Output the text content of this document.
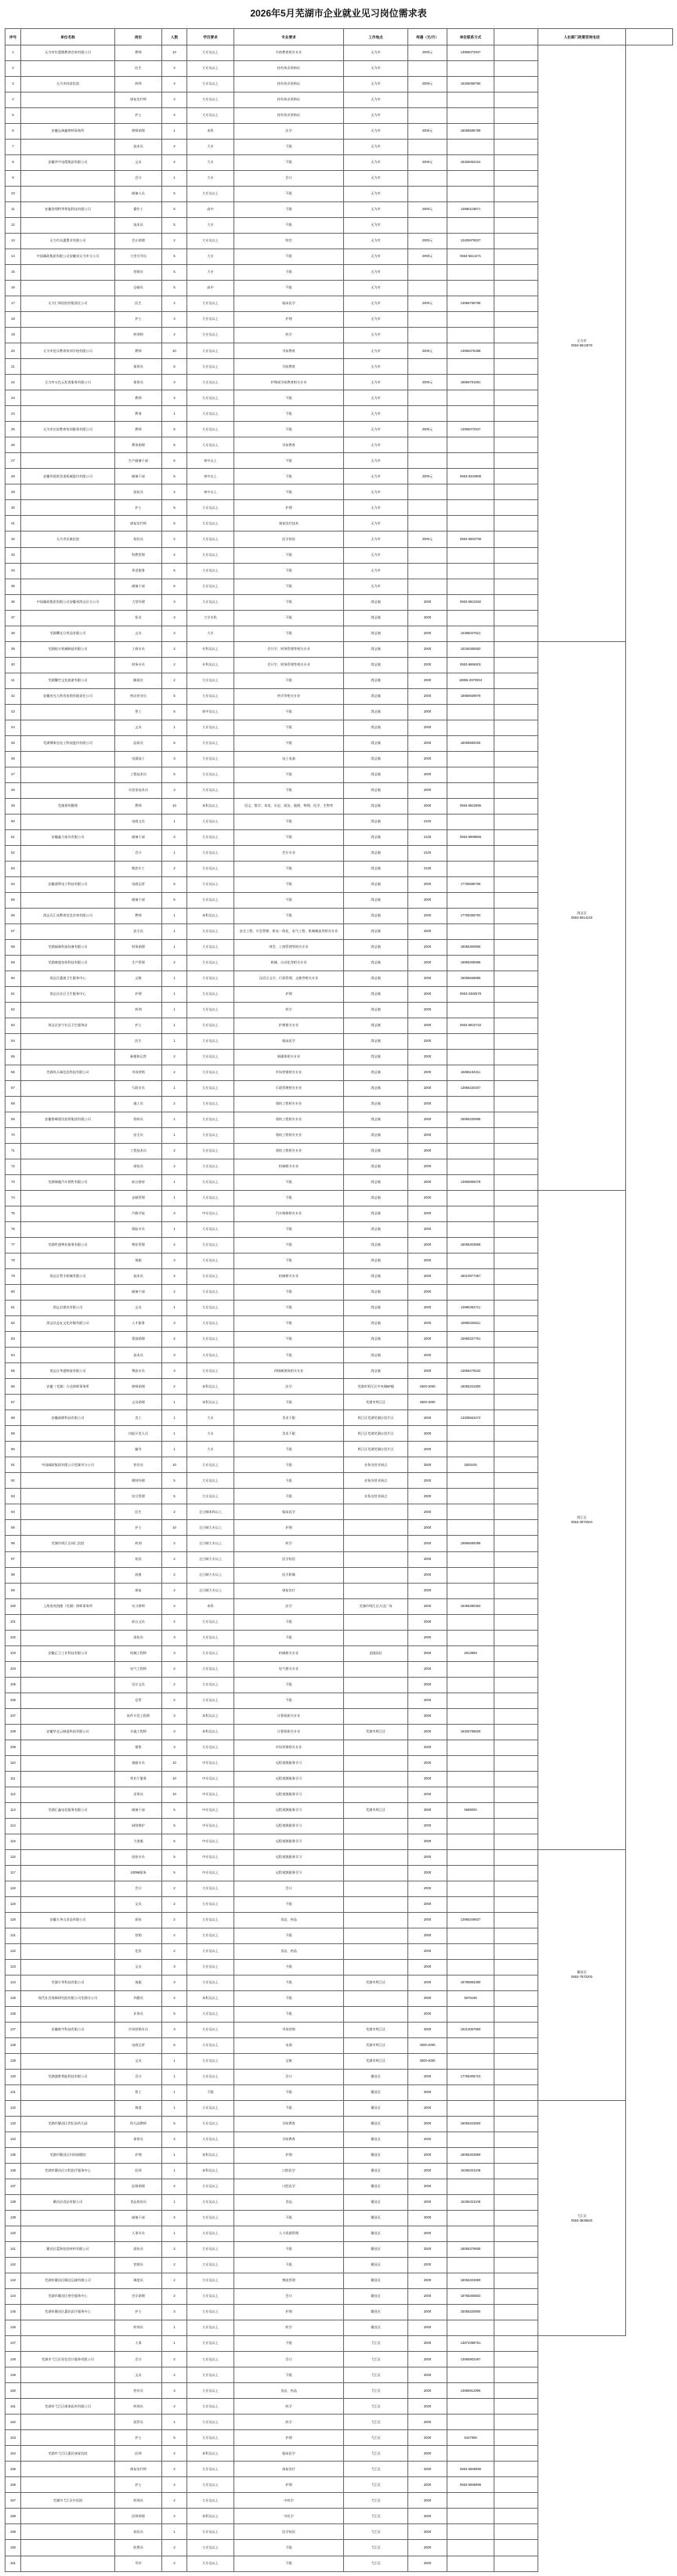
2026年5月芜湖市企业就业见习岗位需求表
序号	单位名称	岗位	人数	学历要求	专业要求	工作地点	待遇（元/月）	单位联系方式		人社部门政策咨询电话	
1	无为市红蕾圆教育咨询有限公司	教师	10	大专及以上	学前教育相关专业	无为市	2000元	13956072947		无为市
0553-6612876	
2		医生	4	大专及以上	持有执业资格证	无为市					
3	无为市同济医院	药师	4	大专及以上	持有执业资格证	无为市	2000元	18256069780			
4		康复治疗师	4	大专及以上	持有执业资格证	无为市					
5		护士	4	大专及以上	持有执业资格证	无为市					
6	安徽弘瑞捷律师事务所	律师助理	1	本科	法学	无为市	2000元	18056595789			
7		技术员	2	大专	不限	无为市					
8	安徽华宇电缆集团有限公司	文员	2	大专	不限	无为市	2000元	18256062224			
9		会计	1	大专	会计	无为市					
10		储备人员	5	大专及以上	不限	无为市					
11	安徽金翔特华智能科技有限公司	操作工	5	高中	不限	无为市	2000元	13965119871			
12		技术员	5	大专	不限	无为市					
13	无为市众惠置业有限公司	会计助理	2	大专及以上	财会	无为市	2000元	13405979637			
14	中国邮政集团有限公司安徽省无为市分公司	大堂引导员	5	大专	不限	无为市	2000元	0553-6614271			
15		营销员	5	大专	不限	无为市					
16		仓储员	5	高中	不限	无为市					
17	无为仁和医院有限责任公司	医生	2	大专及以上	临床医学	无为市	2000元	13956766798			
18		护士	4	大专及以上	护理	无为市					
19		药剂师	2	大专及以上	药学	无为市					
20	无为市优乐教育培训学校有限公司	教师	10	大专及以上	学前教育	无为市	2000元	13965376488			
21		保育员	5	大专及以上	学前教育	无为市					
22	无为市五色元托育服务有限公司	保育员	3	大专及以上	护理或学前教育相关专业	无为市	2000元	18856791591			
23		教师	2	大专及以上	不限	无为市					
24		教务	1	大专及以上	不限	无为市					
25	无为市启星教育培训服务有限公司	教师	5	大专及以上	不限	无为市	2000元	13956072947			
26		教务助理	5	大专及以上	学前教育	无为市					
27		生产储备干部	5	初中以上	不限	无为市					
28	安徽华晨欧美诺机械股份有限公司	储备干部	5	初中以上	不限	无为市	2000元	0553-6334888			
29		质检员	2	初中以上	不限	无为市					
30		护士	5	大专及以上	护理	无为市					
31		康复治疗师	5	大专及以上	康复治疗技术	无为市					
32	无为市民康医院	检验员	2	大专及以上	医学检验	无为市	2000元	0553-6693799			
33		科教管理	2	大专及以上	不限	无为市					
34		养老服务	5	大专及以上	不限	无为市					
35		储备干部	5	大专及以上	不限	无为市					
36	中国邮政集团有限公司安徽省湾沚区分公司	大堂经理	3	大专及以上	不限	湾沚镇	2000	0553-6822282			
37		柜员	3	大学专科	不限	湾沚镇	2000				
38	芜湖曙光日用品有限公司	文员	3	大专	不限	湾沚镇	2000	15395037621			
39	芜湖桂丰机械制造有限公司	工商专员	2	专科及以上	会计学、财务管理等相关专业	湾沚镇	2000	18155356583		湾沚区
0553-6914219	
40		财务专员	2	专科及以上	会计学、财务管理等相关专业	湾沚镇	2000	0553-6695301			
41	芜湖馨空文化旅游有限公司	解说员	2	大专及以上	不限	湾沚镇	2000	18855-2970904			
42	安徽省光大药房连锁有限责任公司	药店营业员	5	大专及以上	药学等相关专业	湾沚镇	2000	18968939979			
43		普工	5	初中及以上	不限	湾沚镇	2000				
44		文员	1	大专及以上	不限	湾沚镇	2000				
45	芜湖博泰克电子科技股份有限公司	品质员	5	大专及以上	不限	湾沚镇	2000	18056560026			
46		电器技工	3	大专及以上	电子电器	湾沚镇	2000				
47		工程技术员	5	大专及以上	不限	湾沚镇	2000				
48		实验室技术员	3	大专及以上	不限	湾沚镇	2000				
49	芜湖景明微课	教师	10	本科及以上	语文、数学、英语、历史、政治、地理、物理、化学、生物等	湾沚镇	2000	0553-6822895			
50		电商文员	1	大专及以上	不限	湾沚镇	2100				
51	安徽鑫力家具有限公司	储备干部	3	大专及以上	不限	湾沚镇	2100	0553-6899666			
52		会计	1	大专及以上	会计专业	湾沚镇	2100				
53		数控车工	2	大专及以上	不限	湾沚镇	2100				
54	安徽通利电子科技有限公司	电商运营	5	大专及以上	不限	湾沚镇	2000	17755596766			
55		储备干部	5	大专及以上	不限	湾沚镇	2000				
56	湾沚区汇成教育信息咨询有限公司	教师	1	本科及以上	不限	湾沚镇	2000	17755356793			
57		安全员	1	大专及以上	安全工程、应急管理、机电一体化、电气工程、机械制造等相关专业	湾沚镇	2000				
58	芜湖福瑞科技装备有限公司	财务助理	1	大专及以上	财会、工商管理等相关专业	湾沚镇	2000	18055300906			
59	芜湖康盛包装科技有限公司	生产管理	2	大专及以上	机械、自动化等相关专业	湾沚镇	2000	19955305996			
60	湾沚区惠康卫生服务中心	文秘	1	大专及以上	汉语言文学、行政管理、文秘等相关专业	湾沚镇	2000	18056565886			
61	湾沚区社区卫生服务中心	护理	1	大专及以上	护理	湾沚镇	2000	0553-2392578			
62		药剂	1	大专及以上	药学	湾沚镇	2000				
63	湾沚区安宁社区卫生服务站	护士	1	大专及以上	护理相关专业	湾沚镇	2000	0553-6822734			
64		医生	1	大专及以上	临床医学	湾沚镇	2000				
65		新媒体运营	2	大专及以上	新媒体相关专业	湾沚镇	2000				
66	芜湖凤天诚信息科技有限公司	市场营销	2	大专及以上	市场营销相关专业	湾沚镇	2000	15855153311			
67		行政专员	1	大专及以上	行政管理相关专业	湾沚镇	2000	13956220207			
68		施工员	2	大专及以上	建筑工程相关专业	湾沚镇	2000				
69	安徽鲁峰建设投资集团有限公司	资料员	1	大专及以上	建筑工程相关专业	湾沚镇	2000	18955330986			
70		安全员	1	大专及以上	建筑工程相关专业	湾沚镇	2000				
71		工程技术员	2	大专及以上	建筑工程相关专业	湾沚镇	2000				
72		质检员	2	大专及以上	机械相关专业	湾沚镇	2000				
73	芜湖瑞驰汽车销售有限公司	前台接待	1	大专及以上	不限	湾沚镇	2000	13956969278			
74		仓储管理	1	大专及以上	不限	湾沚镇	2000			鸠江区
0553-2870304	
75		汽修学徒	3	中专及以上	汽车维修相关专业	湾沚镇	2000				
76		保险专员	1	大专及以上	不限	湾沚镇	2000				
77	芜湖世通物业服务有限公司	物业管理	2	大专及以上	不限	湾沚镇	2000	18055303868			
78		客服	3	大专及以上	不限	湾沚镇	2000				
79	湾沚区利丰机械有限公司	技术员	2	大专及以上	机械相关专业	湾沚镇	2000	18010977357			
80		储备干部	2	大专及以上	不限	湾沚镇	2000				
81	湾沚县建设有限公司	文员	1	大专及以上	不限	湾沚镇	2000	13966352711			
82	湾沚县益友文化传媒有限公司	人才服务	3	大专及以上	不限	湾沚镇	2000	19955325511			
83		策划助理	2	大专及以上	不限	湾沚镇	2000	15955337761			
84		技术员	3	大专及以上	不限	湾沚镇	2000				
85	湾沚区华盛物流有限公司	物流专员	3	大专及以上	四线制建筑相关专业	湾沚镇	2000	13956276532			
86	安徽（芜湖）方达律师事务所	律师助理	2	本科及以上	法学	芜湖市鸠江区中央城5#楼	2500-3000	18055331800			
87		文员助理	1	本科及以上	不限	芜湖市鸠江区	2500-3000				
88	安徽威鼎科技有限公司	美工	1	大专	美术不限	鸠江区芜湖芜湖自贸片区	2000	13305563272			
89		功能开发人员	1	大专	美术不限	鸠江区芜湖芜湖自贸片区	2000				
90		编导	1	大专	不限	鸠江区芜湖芜湖自贸片区	2000				
91	中国邮政集团有限公司芜湖市分公司	营业员	10	大专及以上	不限	业务各营业网点	2000	2825105			
92		理财经理	5	大专及以上	不限	业务各营业网点	2000				
93		综合管理	5	大专及以上	不限	业务各营业网点	2000				
94		医生	2	全日制本科以上	临床医学		2000				
95		护士	10	全日制大专以上	护理		2000				
96	芜湖市鸠江区同仁医院	药剂	2	全日制大专以上	药学		2000	19966590098			
97		检验	2	全日制大专以上	医学检验		2000				
98		放射	2	全日制大专以上	医学影像		2000				
99		康复	2	全日制大专以上	康复治疗		2000				
100	上海金茂凯德（芜湖）律师事务所	实习律师	2	本科	法学	芜湖市鸠江区万达广场	2500	18355380364			
101		前台文员	2	大专及以上	不限		2000				
102		质检员	3	大专及以上	不限		2000				
103	安徽正卫工业科技有限公司	机械工程师	3	大专及以上	机械相关专业	直隆园区	2000	2813969			
104		电气工程师	2	大专及以上	电气相关专业		2000				
105		设计文员	2	大专及以上	不限		2000				
106		仓管	2	大专及以上	不限		2000				
107		软件开发工程师	3	本科及以上	计算机相关专业		2000				
108	安徽华北云制造科技有限公司	实施工程师	3	本科及以上	计算机相关专业	芜湖市鸠江区	2000	18326786629			
109		销售	3	大专及以上	市场营销相关专业		2000				
110		客服专员	10	中专及以上	远程视频服务学习		2000				
111		营业厅服务	10	中专及以上	远程视频服务学习		2000				
112		话务员	10	中专及以上	远程视频服务学习		2000				
113	芜湖汇鑫电信服务有限公司	储备干部	5	中专及以上	远程视频服务学习	芜湖市鸠江区	2000	5989000			
114		网络维护	5	中专及以上	远程视频服务学习		2000				
115		大客服	5	中专及以上	远程视频服务学习		2000				
116		质检专员	5	中专及以上	远程视频服务学习		2000			繁昌区
0553-7870200	
117		10086服务	5	中专及以上	远程视频服务学习		2000				
118		会计	2	大专及以上	会计		2000				
119		文员	2	大专及以上	不限		2000				
120	安徽九华山食品有限公司	质检	2	大专及以上	食品、药品		2000	13965349637			
121		营销	2	大专及以上	不限		2000				
122		化验	2	大专及以上	食品、药品		2000				
123		文员	3	大专及以上	不限		2000				
124	芜湖方华科技有限公司	客服	3	大专及以上	不限	芜湖市鸠江区	2000	18788963380			
125	现代社会保障研究院有限公司芜湖分公司	外勤员	2	本科及以上	不限		2000	5876186			
126		业务员	5	大专及以上	不限		2000				
127	安徽新宇科技有限公司	市场营销专员	3	大专及以上	市场营销	芜湖市鸠江区	3000	19213067850			
128		电商运营	5	大专及以上	电商	芜湖市鸠江区	3000-4000				
129		文员	1	大专及以上	文秘	芜湖市鸠江区	3000-4000				
130	芜湖盛胜智能科技有限公司	会计	1	大专及以上	会计	繁昌区	2000	17755305710			
131		普工	1	不限	不限	繁昌区	2000				
132		调度	1	大专及以上	不限	繁昌区	2000			弋江区
0553-3839840	
133	芜湖市繁昌区世纪星幼儿园	幼儿园教师	5	大专及以上	学前教育	繁昌区	2000	18055323560			
134		保育员	4	大专及以上	学前教育	繁昌区	2000				
135	芜湖市繁昌区妇幼保健院	护理	1	本科及以上	护理	繁昌区	2000	18055303890			
136	芜湖市繁昌区口腔医疗服务中心	医师	1	本科及以上	口腔医学	繁昌区	2000	15255321108			
137		医师助理	2	大专及以上	口腔医学	繁昌区	2000				
138	繁昌县食品有限公司	食品质检员	1	大专及以上	食品	繁昌区	2000	15255321108			
139		储备干部	2	大专及以上	不限	繁昌区	2000				
140		人事专员	1	大专及以上	人力资源管理	繁昌区	2000				
141	繁昌区蓝海包装材料有限公司	质检员	2	大专及以上	不限	繁昌区	2000	18055379808			
142		营销员	2	大专及以上	不限	繁昌区	2000				
143	芜湖市繁昌区顺达运输有限公司	调度员	2	大专及以上	物流管理	繁昌区	2000	18055323890			
144	芜湖市繁昌区财会服务中心	会计助理	2	大专及以上	会计	繁昌区	2000	18755306602			
145	芜湖市繁昌区惠民医疗服务中心	护士	3	大专及以上	护理	繁昌区	2000	15055320800			
146		药剂员	1	大专及以上	药学	繁昌区	2000				
147		人事	1	大专及以上	不限	弋江区	2000	13872398761			
148	芜湖市弋江区恒信会计服务有限公司	会计	2	大专及以上	会计	弋江区	2000	13956902497			
149		文员	2	大专及以上	不限	弋江区	2000				
150		营业员	3	大专及以上	食品、药品	弋江区	2000	13956912906			
151	芜湖市弋江区康泰医药有限公司	药剂员	2	大专及以上	药学	弋江区	2000				
152		质管员	1	大专及以上	药学	弋江区	2000				
153		护士	5	大专及以上	护理	弋江区	2000	5447906			
154	芜湖市弋江区惠民康复医院	医师	2	本科及以上	临床医学	弋江区	2000				
155		康复治疗师	2	大专及以上	康复治疗	弋江区	2000	0553-5695996			
156		护士	4	大专及以上	护理	弋江区	2000	0553-5695996			
157	芜湖市弋江区中医院	药剂员	2	大专及以上	中药学	弋江区	2000				
158		医师助理	2	本科及以上	中医学	弋江区	2000				
159		检验员	1	大专及以上	医学检验	弋江区	2000				
160		收费员	2	大专及以上	不限	弋江区	2000				
161		导诊	2	大专及以上	不限	弋江区	2000				
